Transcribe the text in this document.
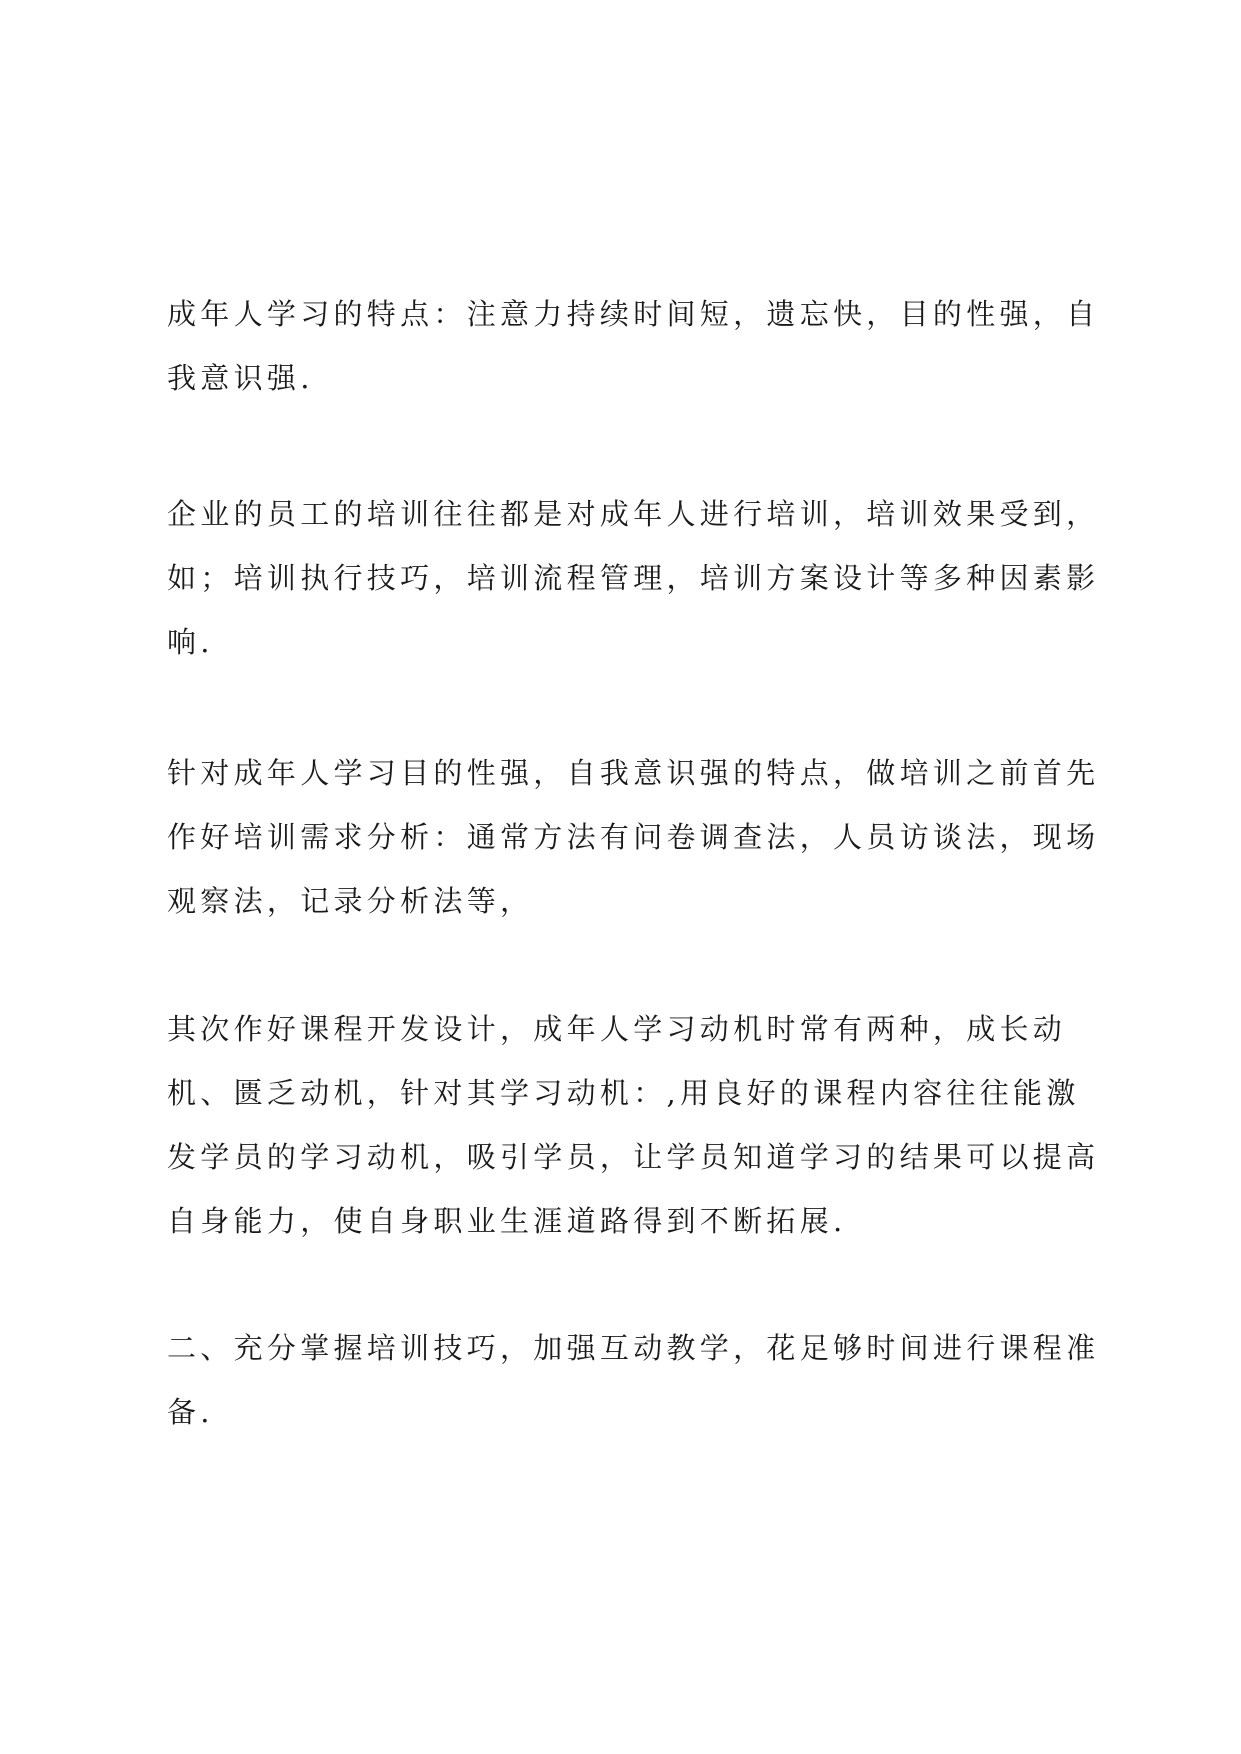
成年人学习的特点：注意力持续时间短，遗忘快，目的性强，自
我意识强.
企业的员工的培训往往都是对成年人进行培训，培训效果受到，
如；培训执行技巧，培训流程管理，培训方案设计等多种因素影
响.
针对成年人学习目的性强，自我意识强的特点，做培训之前首先
作好培训需求分析：通常方法有问卷调查法，人员访谈法，现场
观察法，记录分析法等，
其次作好课程开发设计，成年人学习动机时常有两种，成长动
机、匮乏动机，针对其学习动机：,用良好的课程内容往往能激
发学员的学习动机，吸引学员，让学员知道学习的结果可以提高
自身能力，使自身职业生涯道路得到不断拓展.
二、充分掌握培训技巧，加强互动教学，花足够时间进行课程准
备.
